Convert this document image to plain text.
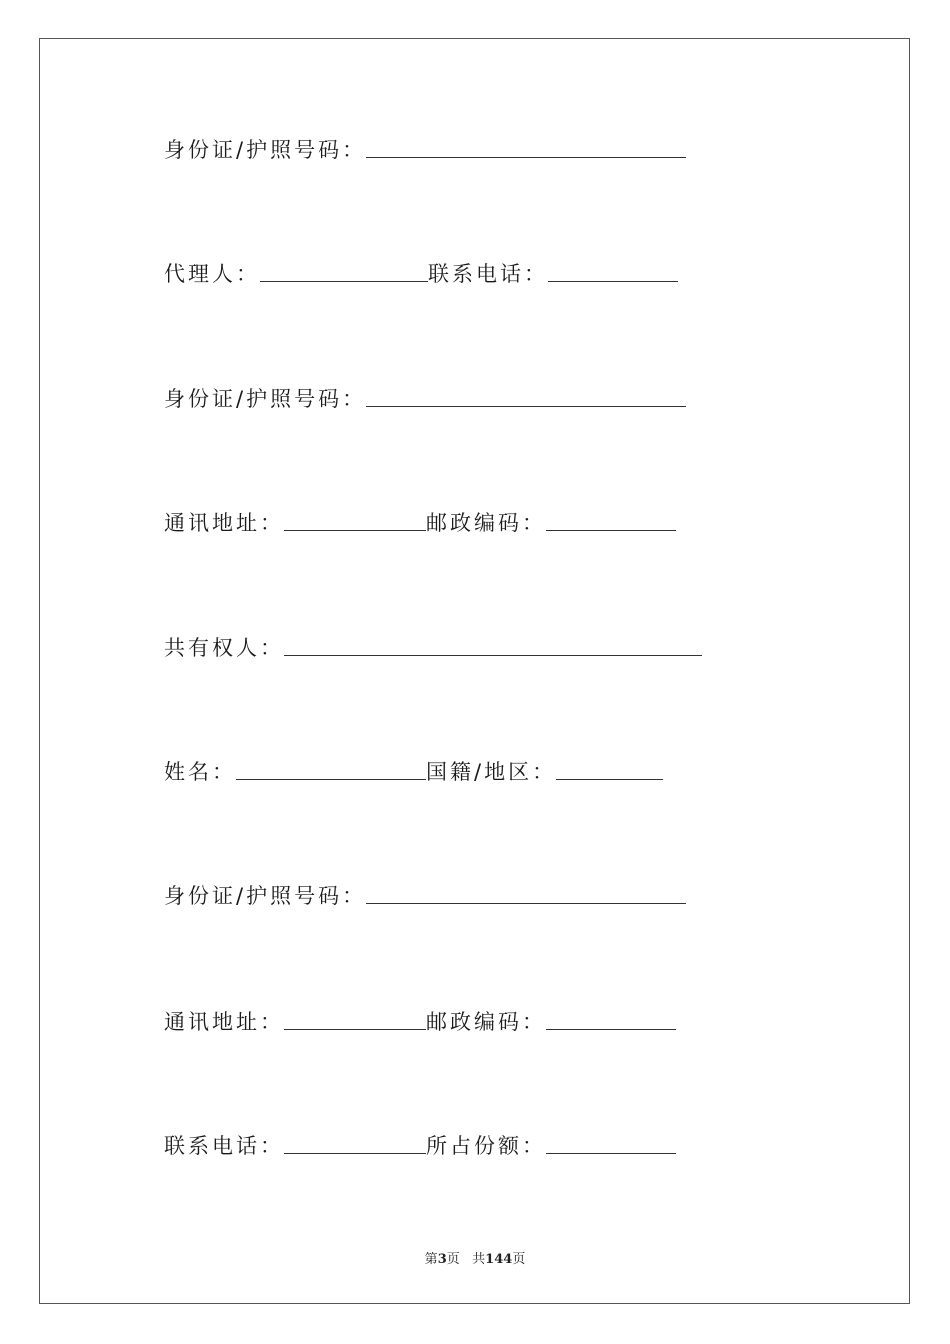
身份证/护照号码：
代理人：	联系电话：
身份证/护照号码：
通讯地址：	邮政编码：
共有权人：
姓名：	国籍/地区：
身份证/护照号码：
通讯地址：	邮政编码：
联系电话：	所占份额：
第3页 共144页
